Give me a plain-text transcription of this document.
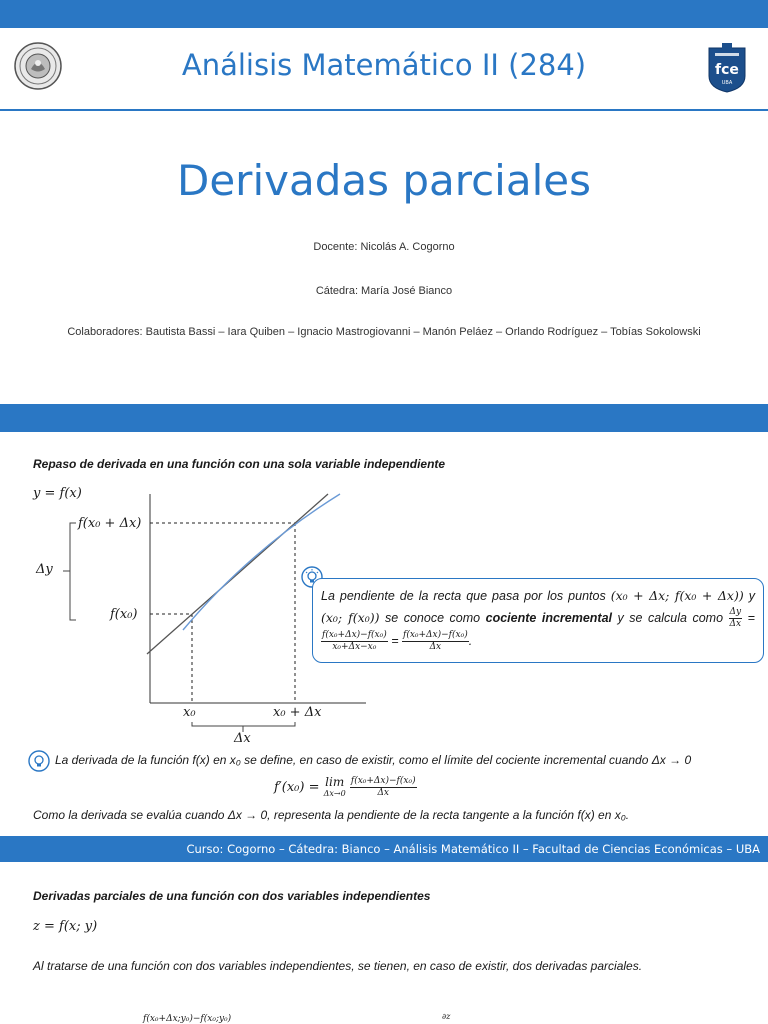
Análisis Matemático II (284)	fce
UBA
Derivadas parciales
Docente: Nicolás A. Cogorno
Cátedra: María José Bianco
Colaboradores: Bautista Bassi – Iara Quiben – Ignacio Mastrogiovanni – Manón Peláez – Orlando Rodríguez – Tobías Sokolowski
Repaso de derivada en una función con una sola variable independiente
y = f(x)
f(x₀ + Δx)
f(x₀)
Δy
x₀	x₀ + Δx
Δx
La pendiente de la recta que pasa por los puntos (x₀ + Δx; f(x₀ + Δx)) y (x₀; f(x₀)) se conoce como cociente incremental y se calcula como $\frac{\Delta y}{\Delta x}$ =
$\frac{\text{f(x₀+Δx)−f(x₀)}}{\text{x₀+Δx−x₀}} = \frac{\text{f(x₀+Δx)−f(x₀)}}{\Delta x}$ .
La derivada de la función f(x) en x₀ se define, en caso de existir, como el límite del cociente incremental cuando Δx → 0
f′(x₀) = lim
Δx→0
$\frac{\text{f(x₀+Δx)−f(x₀)}}{\Delta x}$
Como la derivada se evalúa cuando Δx → 0, representa la pendiente de la recta tangente a la función f(x) en x₀.
Curso: Cogorno – Cátedra: Bianco – Análisis Matemático II – Facultad de Ciencias Económicas – UBA
Derivadas parciales de una función con dos variables independientes
z = f(x; y)
Al tratarse de una función con dos variables independientes, se tienen, en caso de existir, dos derivadas parciales.
f(x₀+Δx;y₀)−f(x₀;y₀)	∂z
